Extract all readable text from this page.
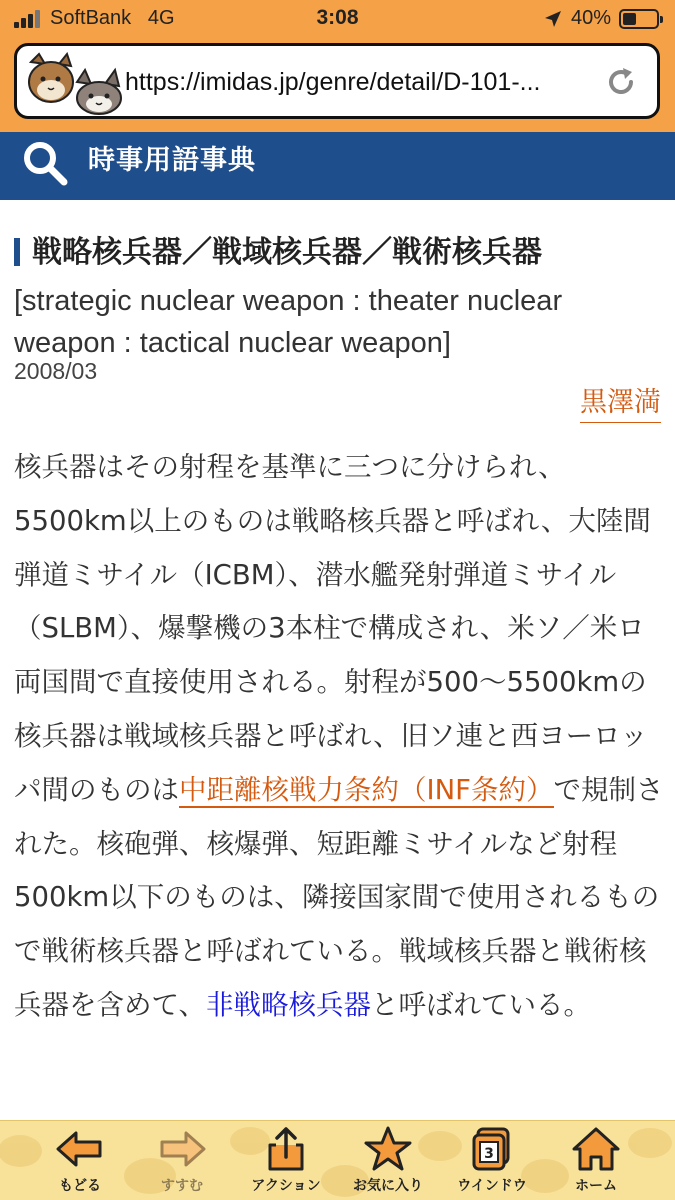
SoftBank 4G	3:08	40%
https://imidas.jp/genre/detail/D-101-...
時事用語事典
戦略核兵器／戦域核兵器／戦術核兵器
[strategic nuclear weapon : theater nuclear weapon : tactical nuclear weapon]
2008/03
黒澤満
核兵器はその射程を基準に三つに分けられ、5500km以上のものは戦略核兵器と呼ばれ、大陸間弾道ミサイル（ICBM）、潜水艦発射弾道ミサイル（SLBM）、爆撃機の3本柱で構成され、米ソ／米ロ両国間で直接使用される。射程が500〜5500kmの核兵器は戦域核兵器と呼ばれ、旧ソ連と西ヨーロッパ間のものは中距離核戦力条約（INF条約）で規制された。核砲弾、核爆弾、短距離ミサイルなど射程500km以下のものは、隣接国家間で使用されるもので戦術核兵器と呼ばれている。戦域核兵器と戦術核兵器を含めて、非戦略核兵器と呼ばれている。
もどる	すすむ	アクション	お気に入り
3
ウインドウ	ホーム
